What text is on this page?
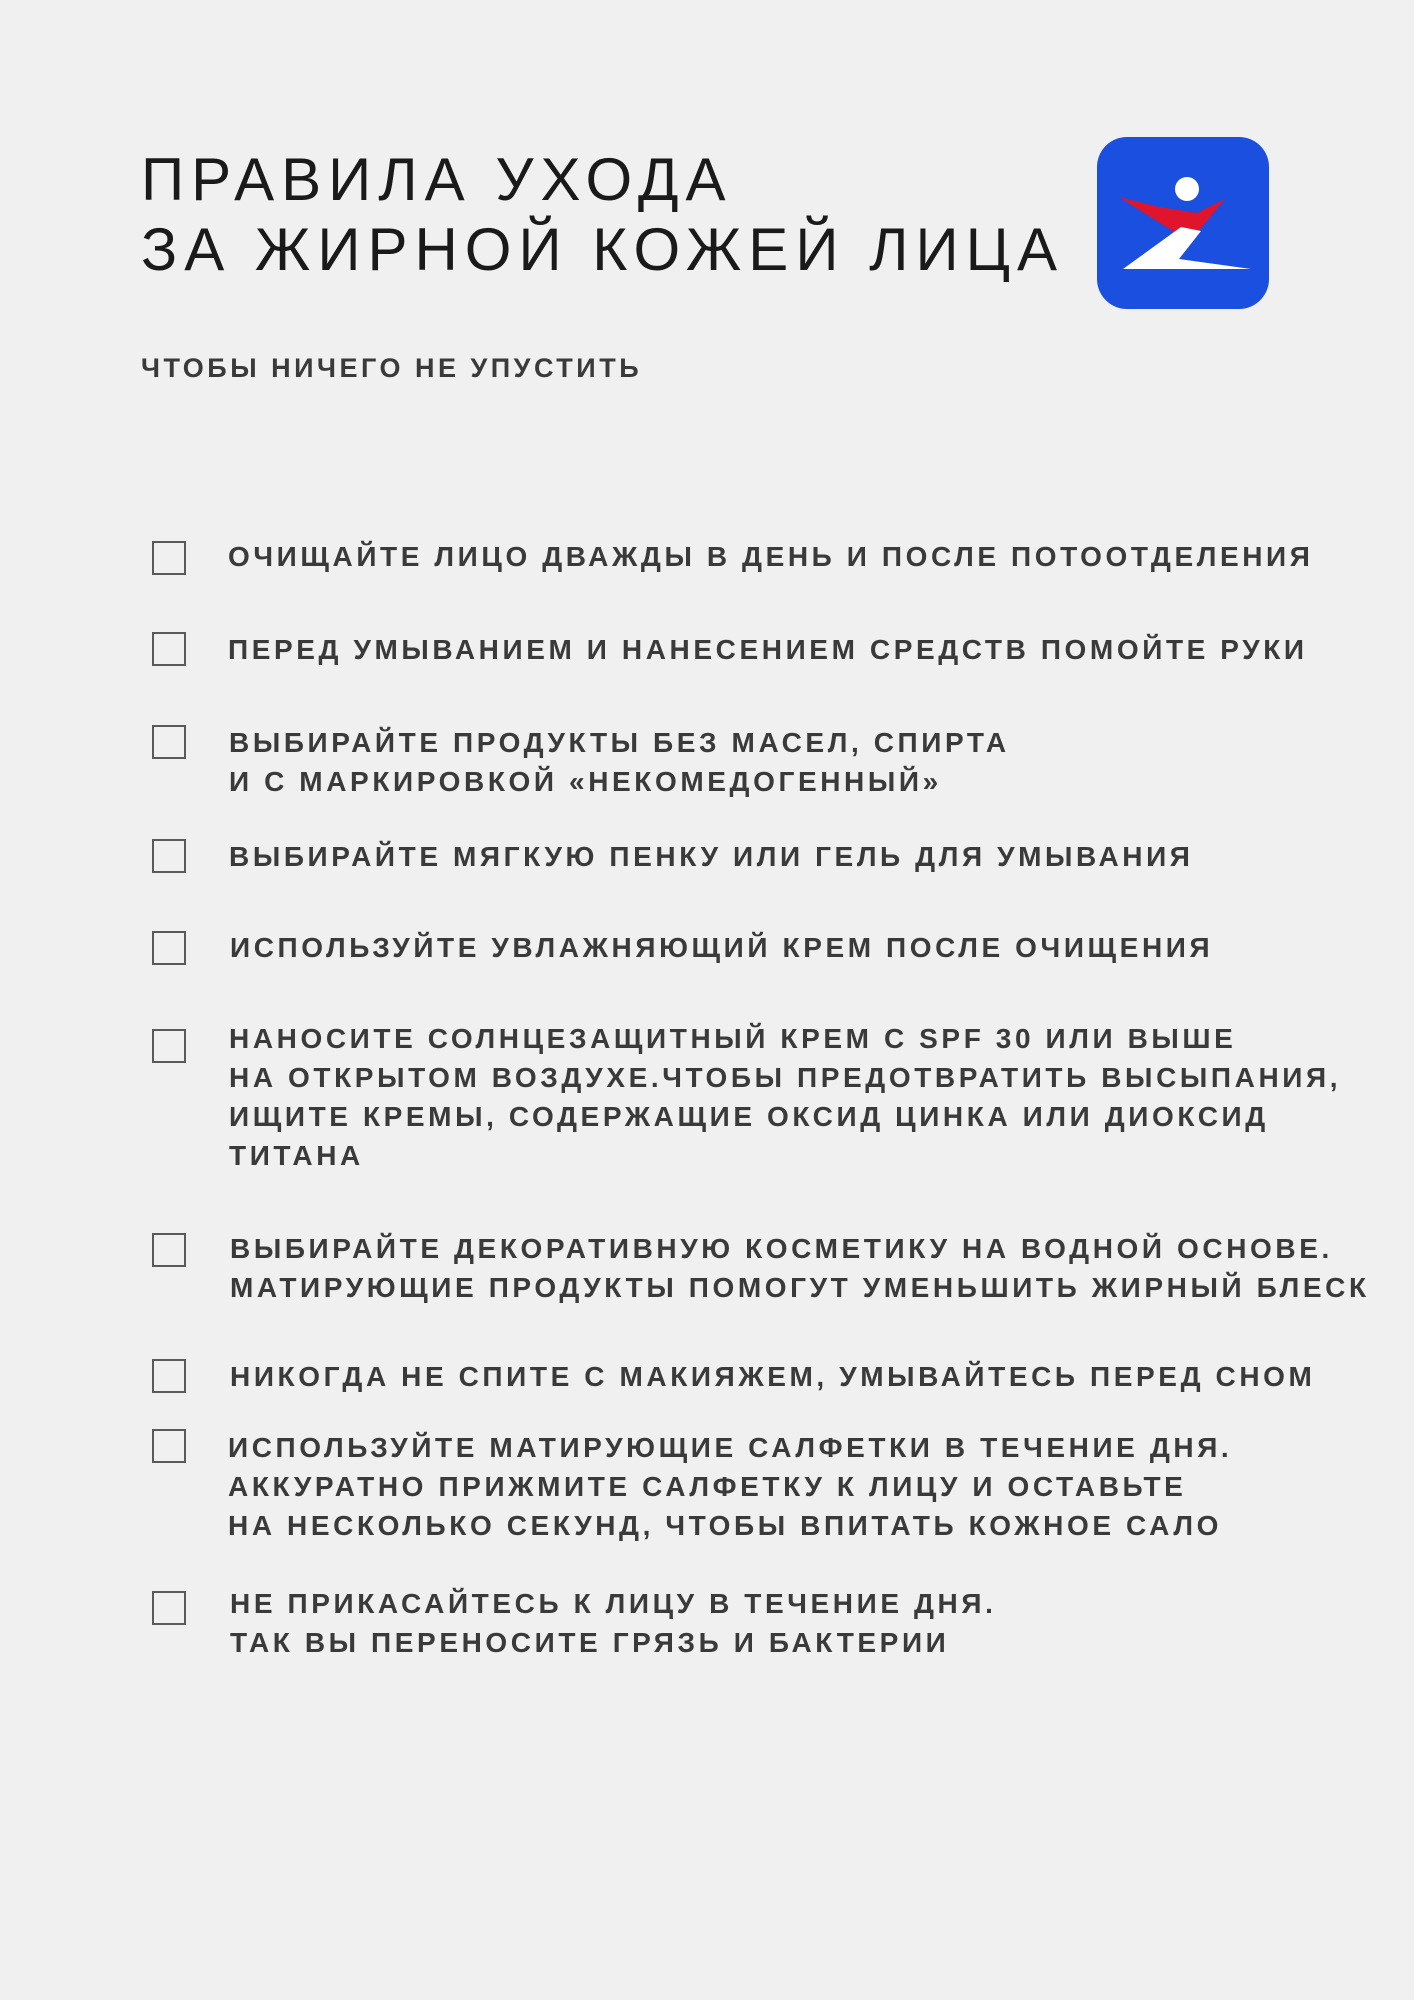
ПРАВИЛА УХОДА
ЗА ЖИРНОЙ КОЖЕЙ ЛИЦА
ЧТОБЫ НИЧЕГО НЕ УПУСТИТЬ
ОЧИЩАЙТЕ ЛИЦО ДВАЖДЫ В ДЕНЬ И ПОСЛЕ ПОТООТДЕЛЕНИЯ
ПЕРЕД УМЫВАНИЕМ И НАНЕСЕНИЕМ СРЕДСТВ ПОМОЙТЕ РУКИ
ВЫБИРАЙТЕ ПРОДУКТЫ БЕЗ МАСЕЛ, СПИРТА
И С МАРКИРОВКОЙ «НЕКОМЕДОГЕННЫЙ»
ВЫБИРАЙТЕ МЯГКУЮ ПЕНКУ ИЛИ ГЕЛЬ ДЛЯ УМЫВАНИЯ
ИСПОЛЬЗУЙТЕ УВЛАЖНЯЮЩИЙ КРЕМ ПОСЛЕ ОЧИЩЕНИЯ
НАНОСИТЕ СОЛНЦЕЗАЩИТНЫЙ КРЕМ С SPF 30 ИЛИ ВЫШЕ
НА ОТКРЫТОМ ВОЗДУХЕ.ЧТОБЫ ПРЕДОТВРАТИТЬ ВЫСЫПАНИЯ,
ИЩИТЕ КРЕМЫ, СОДЕРЖАЩИЕ ОКСИД ЦИНКА ИЛИ ДИОКСИД
ТИТАНА
ВЫБИРАЙТЕ ДЕКОРАТИВНУЮ КОСМЕТИКУ НА ВОДНОЙ ОСНОВЕ.
МАТИРУЮЩИЕ ПРОДУКТЫ ПОМОГУТ УМЕНЬШИТЬ ЖИРНЫЙ БЛЕСК
НИКОГДА НЕ СПИТЕ С МАКИЯЖЕМ, УМЫВАЙТЕСЬ ПЕРЕД СНОМ
ИСПОЛЬЗУЙТЕ МАТИРУЮЩИЕ САЛФЕТКИ В ТЕЧЕНИЕ ДНЯ.
АККУРАТНО ПРИЖМИТЕ САЛФЕТКУ К ЛИЦУ И ОСТАВЬТЕ
НА НЕСКОЛЬКО СЕКУНД, ЧТОБЫ ВПИТАТЬ КОЖНОЕ САЛО
НЕ ПРИКАСАЙТЕСЬ К ЛИЦУ В ТЕЧЕНИЕ ДНЯ.
ТАК ВЫ ПЕРЕНОСИТЕ ГРЯЗЬ И БАКТЕРИИ
